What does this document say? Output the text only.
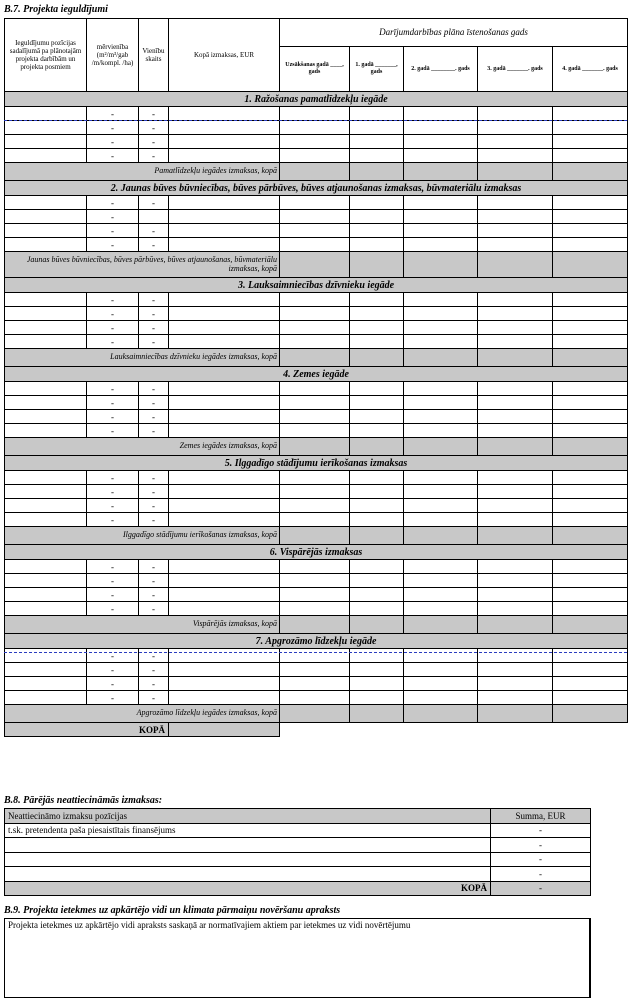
B.7. Projekta ieguldījumi
Ieguldījumu pozīcijas sadalījumā pa plānotajām projekta darbībām un projekta posmiem	mērvienība (m²/m³/gab /m/kompl. /ha)	Vienību skaits	Kopā izmaksas, EUR	Darījumdarbības plāna īstenošanas gads				
				Uzsākšanas gadā ____, gads	1. gadā _______, gads	2. gadā ________. gads	3. gadā _______. gads	4. gadā _______. gads
1. Ražošanas pamatlīdzekļu iegāde								
	-	-						
	-	-						
	-	-						
	-	-						
Pamatlīdzekļu iegādes izmaksas, kopā								
2. Jaunas būves būvniecības, būves pārbūves, būves atjaunošanas izmaksas, būvmateriālu izmaksas								
	-	-						
	-							
	-	-						
	-	-						
Jaunas būves būvniecības, būves pārbūves, būves atjaunošanas, būvmateriālu izmaksas, kopā								
3. Lauksaimniecības dzīvnieku iegāde								
	-	-						
	-	-						
	-	-						
	-	-						
Lauksaimniecības dzīvnieku iegādes izmaksas, kopā								
4. Zemes iegāde								
	-	-						
	-	-						
	-	-						
	-	-						
Zemes iegādes izmaksas, kopā								
5. Ilggadīgo stādījumu ierīkošanas izmaksas								
	-	-						
	-	-						
	-	-						
	-	-						
Ilggadīgo stādījumu ierīkošanas izmaksas, kopā								
6. Vispārējās izmaksas								
	-	-						
	-	-						
	-	-						
	-	-						
Vispārējās izmaksas, kopā								
7. Apgrozāmo līdzekļu iegāde								
	-	-						
	-	-						
	-	-						
	-	-						
Apgrozāmo līdzekļu iegādes izmaksas, kopā								
KOPĀ								
B.8. Pārējās neattiecināmās izmaksas:
Neattiecināmo izmaksu pozīcijas	Summa, EUR
t.sk. pretendenta paša piesaistītais finansējums	-
	-
	-
	-
KOPĀ	-
B.9. Projekta ietekmes uz apkārtējo vidi un klimata pārmaiņu novēršanu apraksts
Projekta ietekmes uz apkārtējo vidi apraksts saskaņā ar normatīvajiem aktiem par ietekmes uz vidi novērtējumu
